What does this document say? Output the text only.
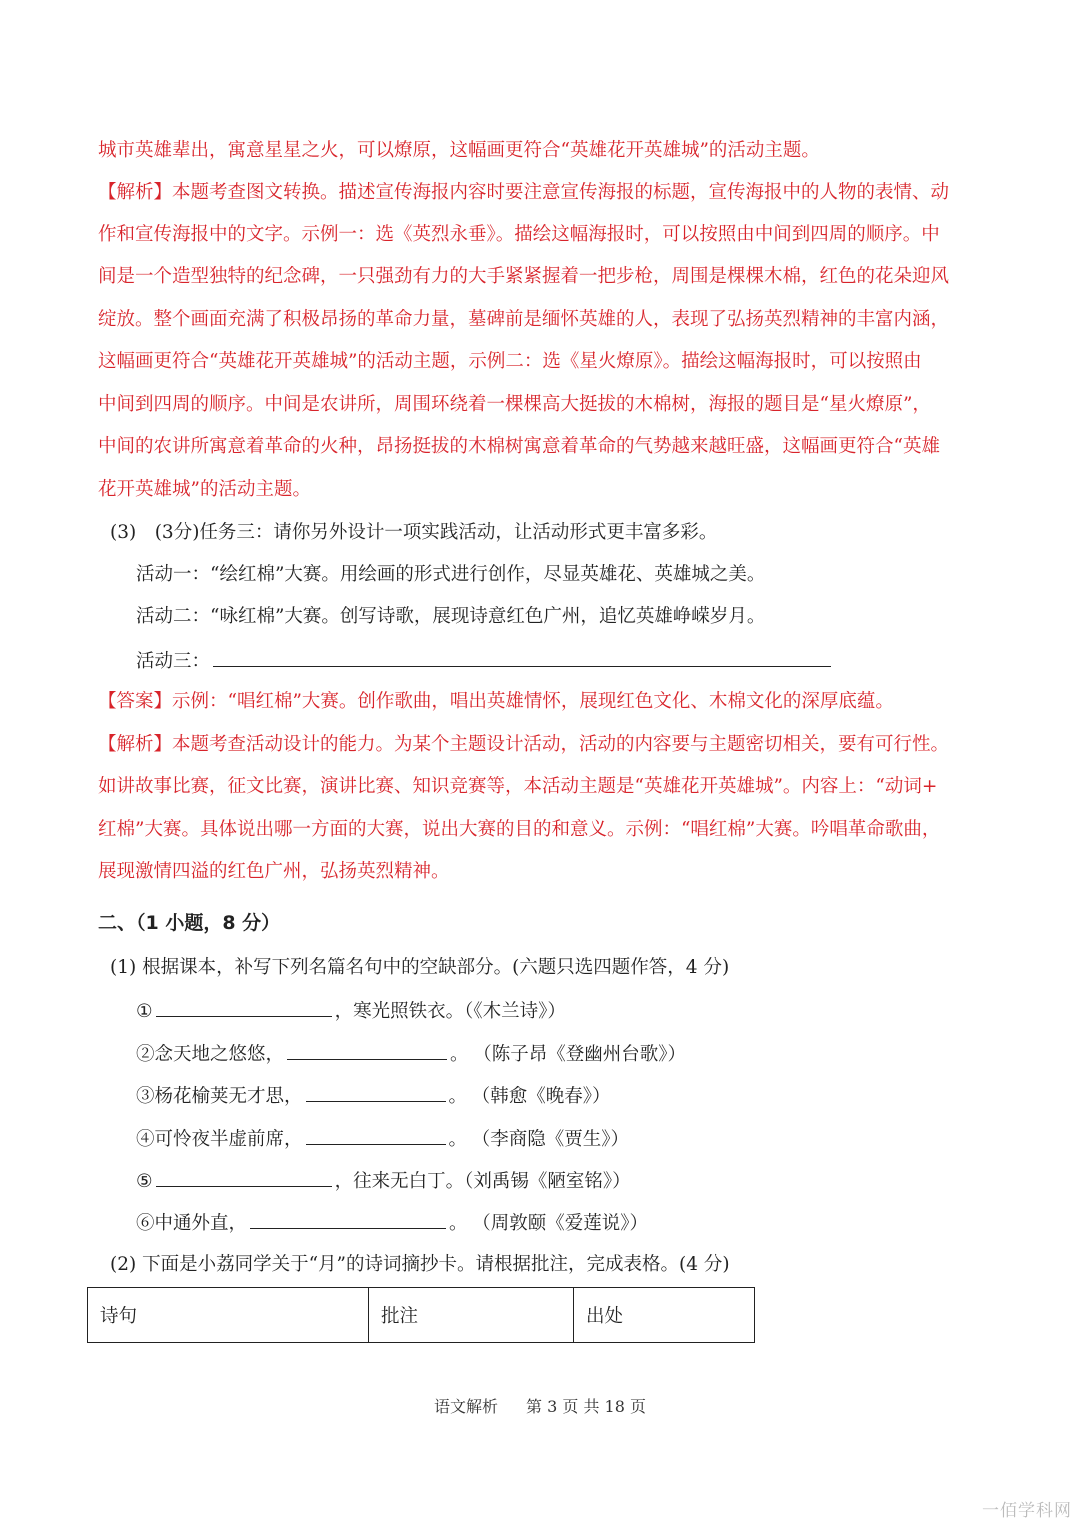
城市英雄辈出，寓意星星之火，可以燎原，这幅画更符合“英雄花开英雄城”的活动主题。
【解析】本题考查图文转换。描述宣传海报内容时要注意宣传海报的标题，宣传海报中的人物的表情、动
作和宣传海报中的文字。示例一：选《英烈永垂》。描绘这幅海报时，可以按照由中间到四周的顺序。中
间是一个造型独特的纪念碑，一只强劲有力的大手紧紧握着一把步枪，周围是棵棵木棉，红色的花朵迎风
绽放。整个画面充满了积极昂扬的革命力量，墓碑前是缅怀英雄的人，表现了弘扬英烈精神的丰富内涵，
这幅画更符合“英雄花开英雄城”的活动主题，示例二：选《星火燎原》。描绘这幅海报时，可以按照由
中间到四周的顺序。中间是农讲所，周围环绕着一棵棵高大挺拔的木棉树，海报的题目是“星火燎原”，
中间的农讲所寓意着革命的火种，昂扬挺拔的木棉树寓意着革命的气势越来越旺盛，这幅画更符合“英雄
花开英雄城”的活动主题。
(3)　(3分)任务三：请你另外设计一项实践活动，让活动形式更丰富多彩。
活动一：“绘红棉”大赛。用绘画的形式进行创作，尽显英雄花、英雄城之美。
活动二：“咏红棉”大赛。创写诗歌，展现诗意红色广州，追忆英雄峥嵘岁月。
活动三：
【答案】示例：“唱红棉”大赛。创作歌曲，唱出英雄情怀，展现红色文化、木棉文化的深厚底蕴。
【解析】本题考查活动设计的能力。为某个主题设计活动，活动的内容要与主题密切相关，要有可行性。
如讲故事比赛，征文比赛，演讲比赛、知识竞赛等，本活动主题是“英雄花开英雄城”。内容上：“动词+
红棉”大赛。具体说出哪一方面的大赛，说出大赛的目的和意义。示例：“唱红棉”大赛。吟唱革命歌曲，
展现激情四溢的红色广州，弘扬英烈精神。
二、（1 小题，8 分）
(1) 根据课本，补写下列名篇名句中的空缺部分。(六题只选四题作答，4 分)
①	，寒光照铁衣。（《木兰诗》）
②念天地之悠悠，	。 （陈子昂《登幽州台歌》）
③杨花榆荚无才思，	。 （韩愈《晚春》）
④可怜夜半虚前席，	。 （李商隐《贾生》）
⑤	，往来无白丁。（刘禹锡《陋室铭》）
⑥中通外直，	。 （周敦颐《爱莲说》）
(2) 下面是小荔同学关于“月”的诗词摘抄卡。请根据批注，完成表格。(4 分)
诗句	批注	出处
语文解析 第 3 页 共 18 页
一佰学科网
